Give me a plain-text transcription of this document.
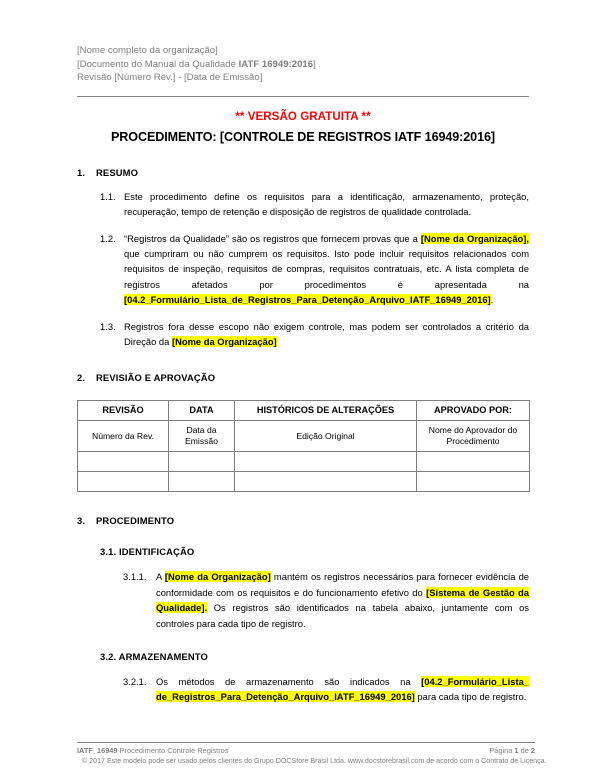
[Nome completo da organização]
[Documento do Manual da Qualidade IATF 16949:2016]
Revisão [Número Rev.] - [Data de Emissão]
** VERSÃO GRATUITA **
PROCEDIMENTO: [CONTROLE DE REGISTROS IATF 16949:2016]
1.	RESUMO
1.1. Este procedimento define os requisitos para a identificação, armazenamento, proteção, recuperação, tempo de retenção e disposição de registros de qualidade controlada.
1.2. “Registros da Qualidade” são os registros que fornecem provas que a [Nome da Organização], que cumpriram ou não cumprem os requisitos. Isto pode incluir requisitos relacionados com requisitos de inspeção, requisitos de compras, requisitos contratuais, etc. A lista completa de registros afetados por procedimentos é apresentada na [04.2_Formulário_Lista_de_Registros_Para_Detenção_Arquivo_IATF_16949_2016].
1.3. Registros fora desse escopo não exigem controle, mas podem ser controlados a critério da Direção da [Nome da Organização]
2.	REVISIÃO E APROVAÇÃO
REVISÃO	DATA	HISTÓRICOS DE ALTERAÇÕES	APROVADO POR:
Número da Rev.	Data da Emissão	Edição Original	Nome do Aprovador do Procedimento

3.	PROCEDIMENTO
3.1. IDENTIFICAÇÃO
3.1.1.	A [Nome da Organização] mantém os registros necessários para fornecer evidência de conformidade com os requisitos e do funcionamento efetivo do [Sistema de Gestão da Qualidade]. Os registros são identificados na tabela abaixo, juntamente com os controles para cada tipo de registro.
3.2. ARMAZENAMENTO
3.2.1.	Os métodos de armazenamento são indicados na [04.2_Formulário_Lista_ de_Registros_Para_Detenção_Arquivo_IATF_16949_2016] para cada tipo de registro.
IATF_16949 Procedimento Controle Registros	Página 1 de 2
© 2017 Este modelo pode ser usado pelos clientes do Grupo DOCStore Brasil Ltda. www.docstorebrasil.com de acordo com o Contrato de Licença.
